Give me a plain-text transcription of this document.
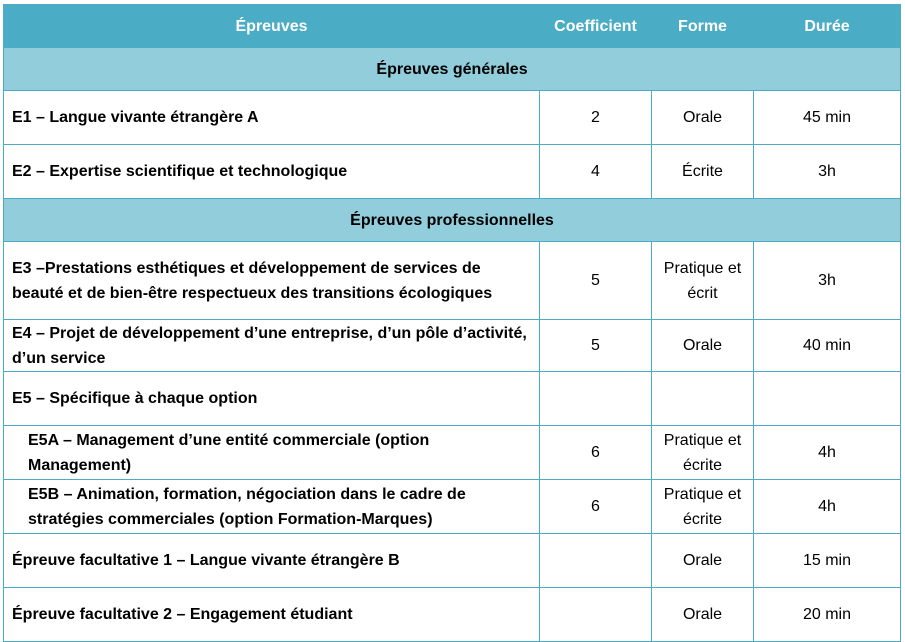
Épreuves	Coefficient	Forme	Durée
Épreuves générales			
E1 – Langue vivante étrangère A	2	Orale	45 min
E2 – Expertise scientifique et technologique	4	Écrite	3h
Épreuves professionnelles			
E3 –Prestations esthétiques et développement de services de beauté et de bien-être respectueux des transitions écologiques	5	Pratique et écrit	3h
E4 – Projet de développement d’une entreprise, d’un pôle d’activité, d’un service	5	Orale	40 min
E5 – Spécifique à chaque option			
E5A – Management d’une entité commerciale (option Management)	6	Pratique et écrite	4h
E5B – Animation, formation, négociation dans le cadre de stratégies commerciales (option Formation-Marques)	6	Pratique et écrite	4h
Épreuve facultative 1 – Langue vivante étrangère B		Orale	15 min
Épreuve facultative 2 – Engagement étudiant		Orale	20 min
